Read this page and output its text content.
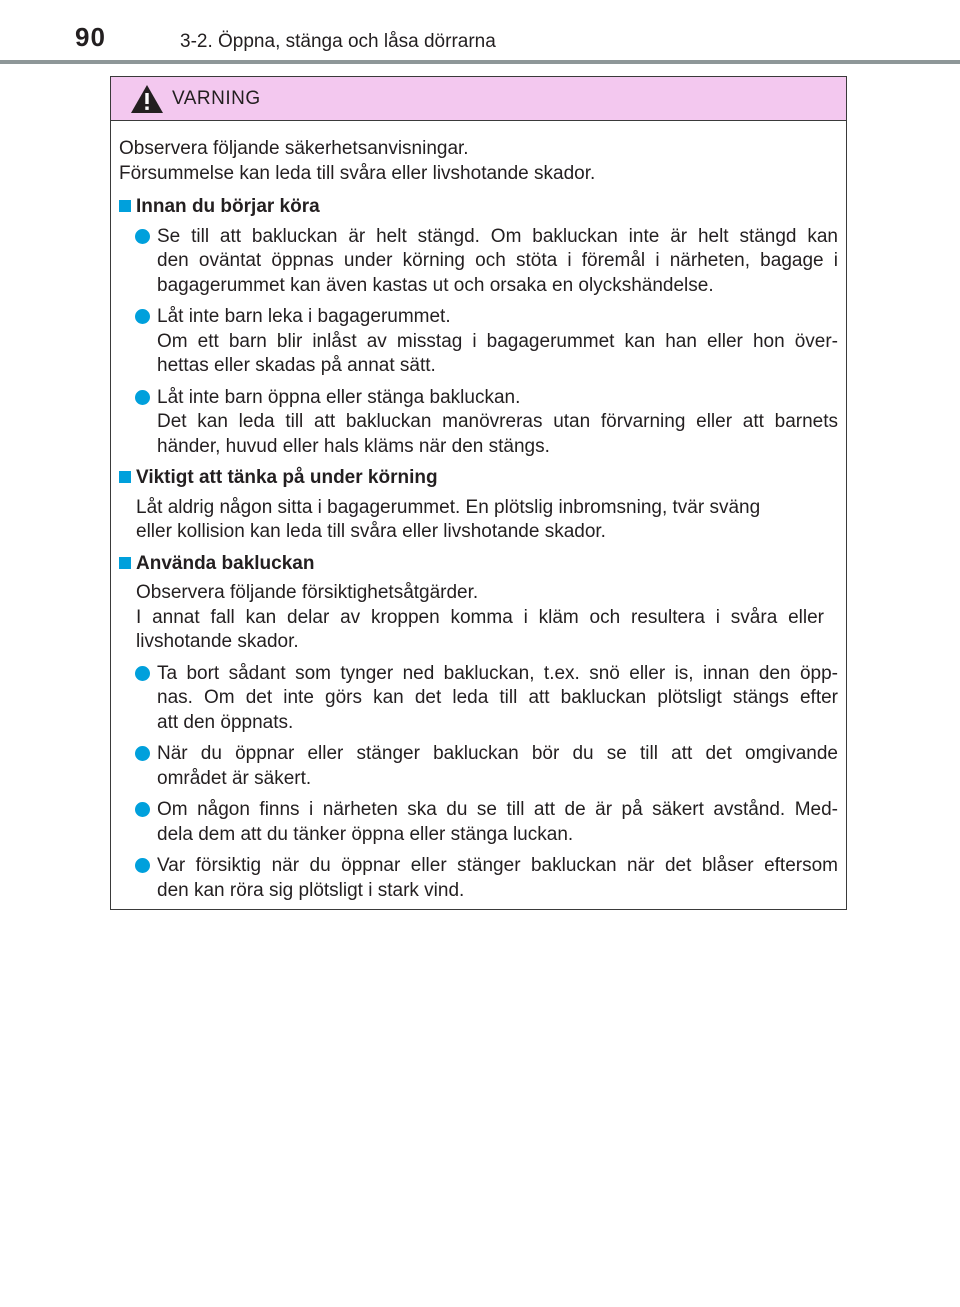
90	3-2. Öppna, stänga och låsa dörrarna
VARNING
Observera följande säkerhetsanvisningar.
Försummelse kan leda till svåra eller livshotande skador.
Innan du börjar köra
Se till att bakluckan är helt stängd. Om bakluckan inte är helt stängd kan
den oväntat öppnas under körning och stöta i föremål i närheten, bagage i
bagagerummet kan även kastas ut och orsaka en olyckshändelse.
Låt inte barn leka i bagagerummet.
Om ett barn blir inlåst av misstag i bagagerummet kan han eller hon över-
hettas eller skadas på annat sätt.
Låt inte barn öppna eller stänga bakluckan.
Det kan leda till att bakluckan manövreras utan förvarning eller att barnets
händer, huvud eller hals kläms när den stängs.
Viktigt att tänka på under körning
Låt aldrig någon sitta i bagagerummet. En plötslig inbromsning, tvär sväng
eller kollision kan leda till svåra eller livshotande skador.
Använda bakluckan
Observera följande försiktighetsåtgärder.
I annat fall kan delar av kroppen komma i kläm och resultera i svåra eller
livshotande skador.
Ta bort sådant som tynger ned bakluckan, t.ex. snö eller is, innan den öpp-
nas. Om det inte görs kan det leda till att bakluckan plötsligt stängs efter
att den öppnats.
När du öppnar eller stänger bakluckan bör du se till att det omgivande
området är säkert.
Om någon finns i närheten ska du se till att de är på säkert avstånd. Med-
dela dem att du tänker öppna eller stänga luckan.
Var försiktig när du öppnar eller stänger bakluckan när det blåser eftersom
den kan röra sig plötsligt i stark vind.
